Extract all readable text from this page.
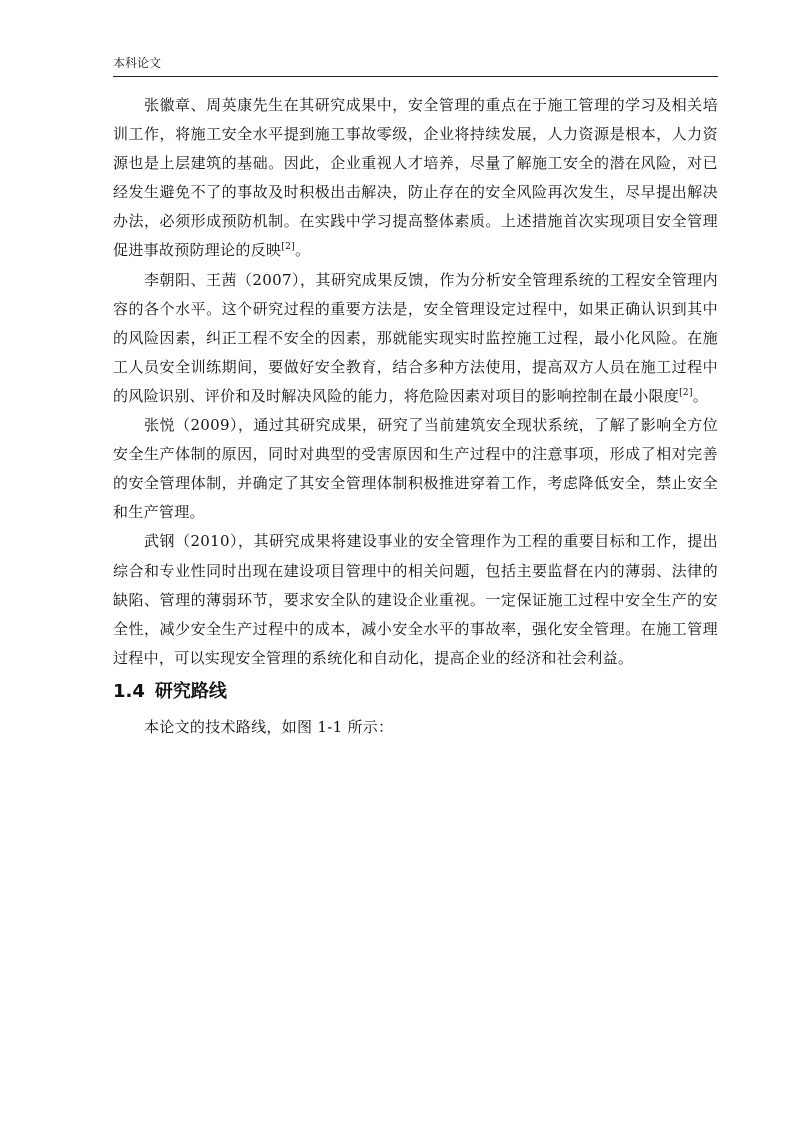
本科论文

张徽章、周英康先生在其研究成果中，安全管理的重点在于施工管理的学习及相关培训工作，将施工安全水平提到施工事故零级，企业将持续发展，人力资源是根本，人力资源也是上层建筑的基础。因此，企业重视人才培养，尽量了解施工安全的潜在风险，对已经发生避免不了的事故及时积极出击解决，防止存在的安全风险再次发生，尽早提出解决办法，必须形成预防机制。在实践中学习提高整体素质。上述措施首次实现项目安全管理促进事故预防理论的反映[2]。

李朝阳、王茜（2007），其研究成果反馈，作为分析安全管理系统的工程安全管理内容的各个水平。这个研究过程的重要方法是，安全管理设定过程中，如果正确认识到其中的风险因素，纠正工程不安全的因素，那就能实现实时监控施工过程，最小化风险。在施工人员安全训练期间，要做好安全教育，结合多种方法使用，提高双方人员在施工过程中的风险识别、评价和及时解决风险的能力，将危险因素对项目的影响控制在最小限度[2]。

张悦（2009），通过其研究成果，研究了当前建筑安全现状系统，了解了影响全方位安全生产体制的原因，同时对典型的受害原因和生产过程中的注意事项，形成了相对完善的安全管理体制，并确定了其安全管理体制积极推进穿着工作，考虑降低安全，禁止安全和生产管理。

武钢（2010），其研究成果将建设事业的安全管理作为工程的重要目标和工作，提出综合和专业性同时出现在建设项目管理中的相关问题，包括主要监督在内的薄弱、法律的缺陷、管理的薄弱环节，要求安全队的建设企业重视。一定保证施工过程中安全生产的安全性，减少安全生产过程中的成本，减小安全水平的事故率，强化安全管理。在施工管理过程中，可以实现安全管理的系统化和自动化，提高企业的经济和社会利益。

1.4 研究路线

本论文的技术路线，如图 1-1 所示：
